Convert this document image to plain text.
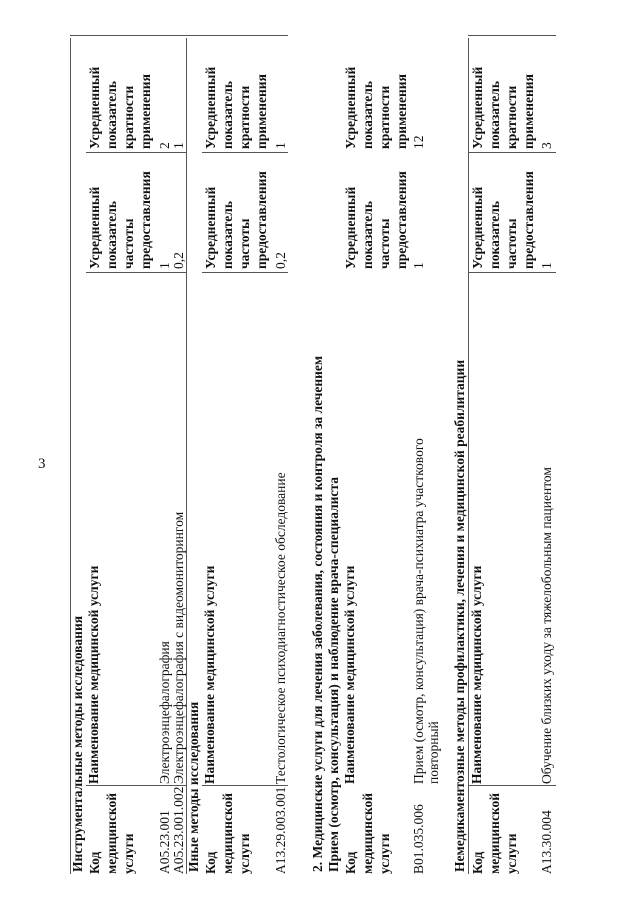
3
Инструментальные методы исследования Код медицинской услуги
Наименование медицинской услуги
Усредненный показатель частоты предоставления
Усредненный показатель кратности применения
A05.23.001
Электроэнцефалография
1
2
A05.23.001.002
Электроэнцефалография с видеомониторингом
0,2
1
Иные методы исследования Код медицинской услуги
Наименование медицинской услуги
Усредненный показатель частоты предоставления
Усредненный показатель кратности применения
A13.29.003.001
Тестологическое психодиагностическое обследование
0,2
1
2. Медицинские услуги для лечения заболевания, состояния и контроля за лечением Прием (осмотр, консультация) и наблюдение врача-специалиста Код медицинской услуги
Наименование медицинской услуги
Усредненный показатель частоты предоставления
Усредненный показатель кратности применения
B01.035.006
Прием (осмотр, консультация) врача-психиатра участкового повторный
1
12
Немедикаментозные методы профилактики, лечения и медицинской реабилитации Код медицинской услуги
Наименование медицинской услуги
Усредненный показатель частоты предоставления
Усредненный показатель кратности применения
A13.30.004
Обучение близких уходу за тяжелобольным пациентом
1
3
